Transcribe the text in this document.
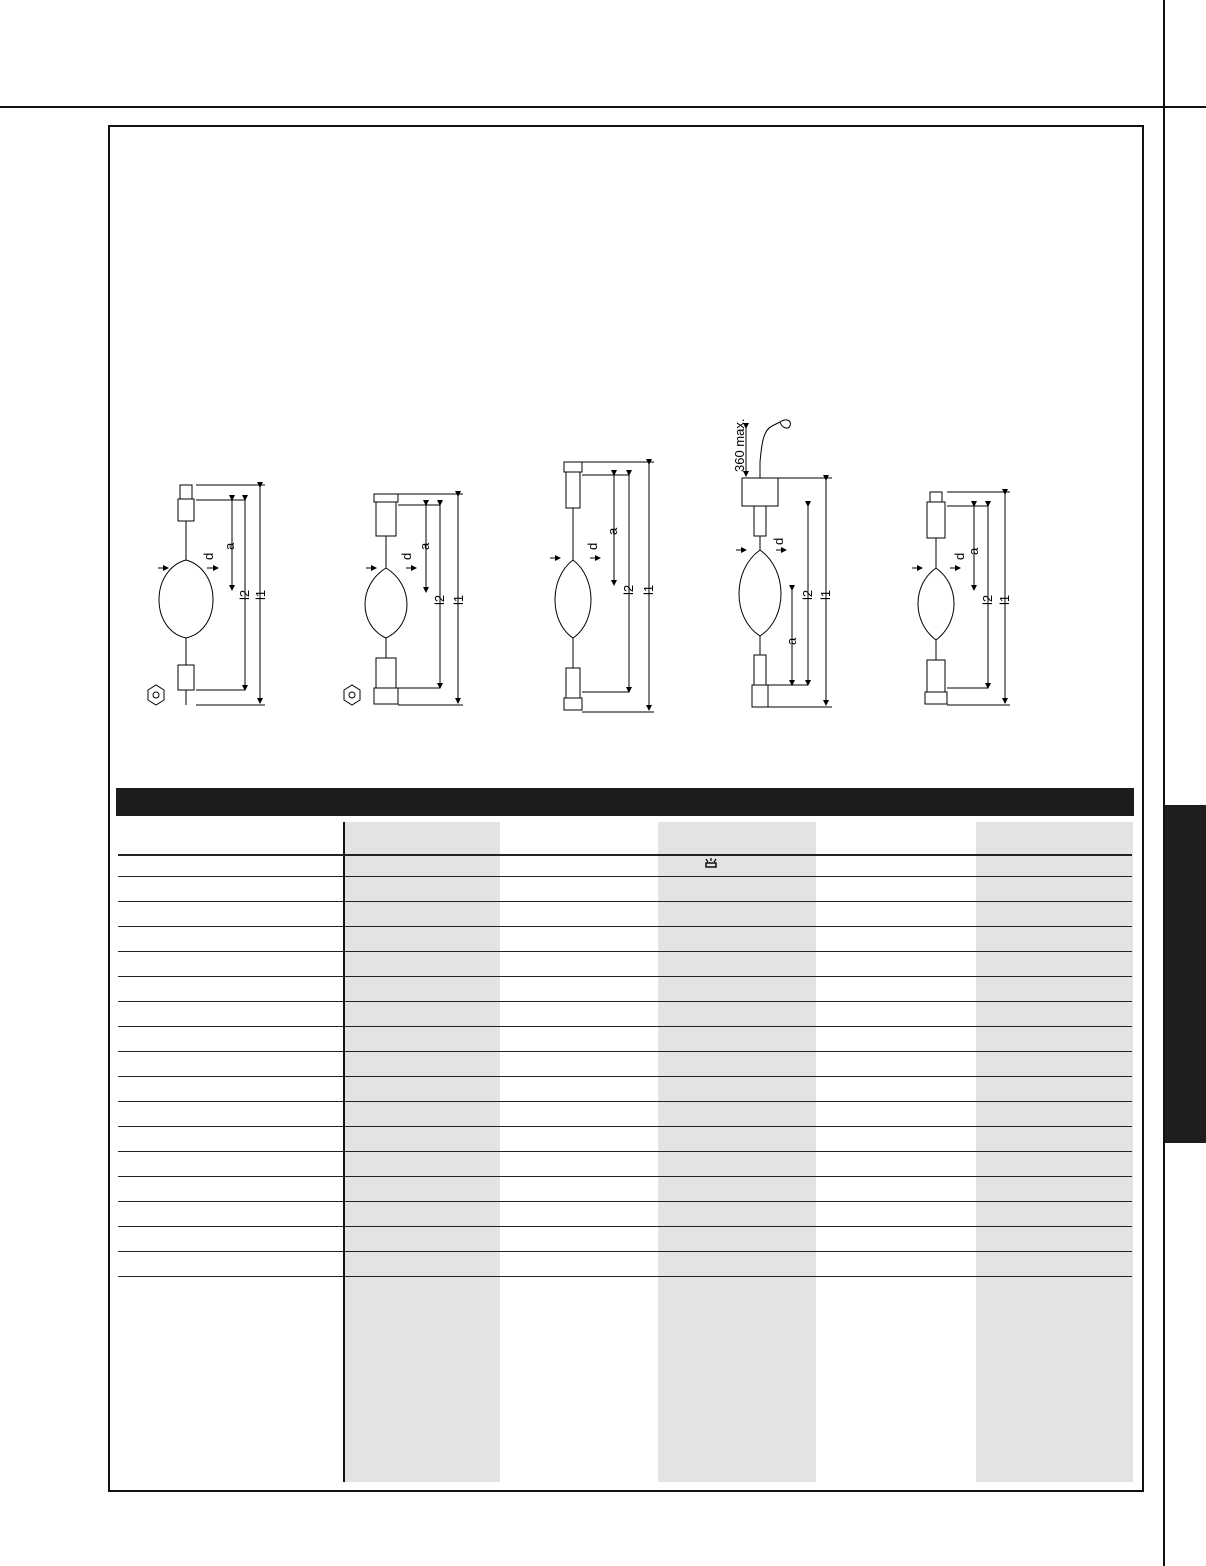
d
a
l2 l1
d
a
l2 l1
d
a
l2 l1
d
a
l2 l1
360 max.
d
a
l2 l1
